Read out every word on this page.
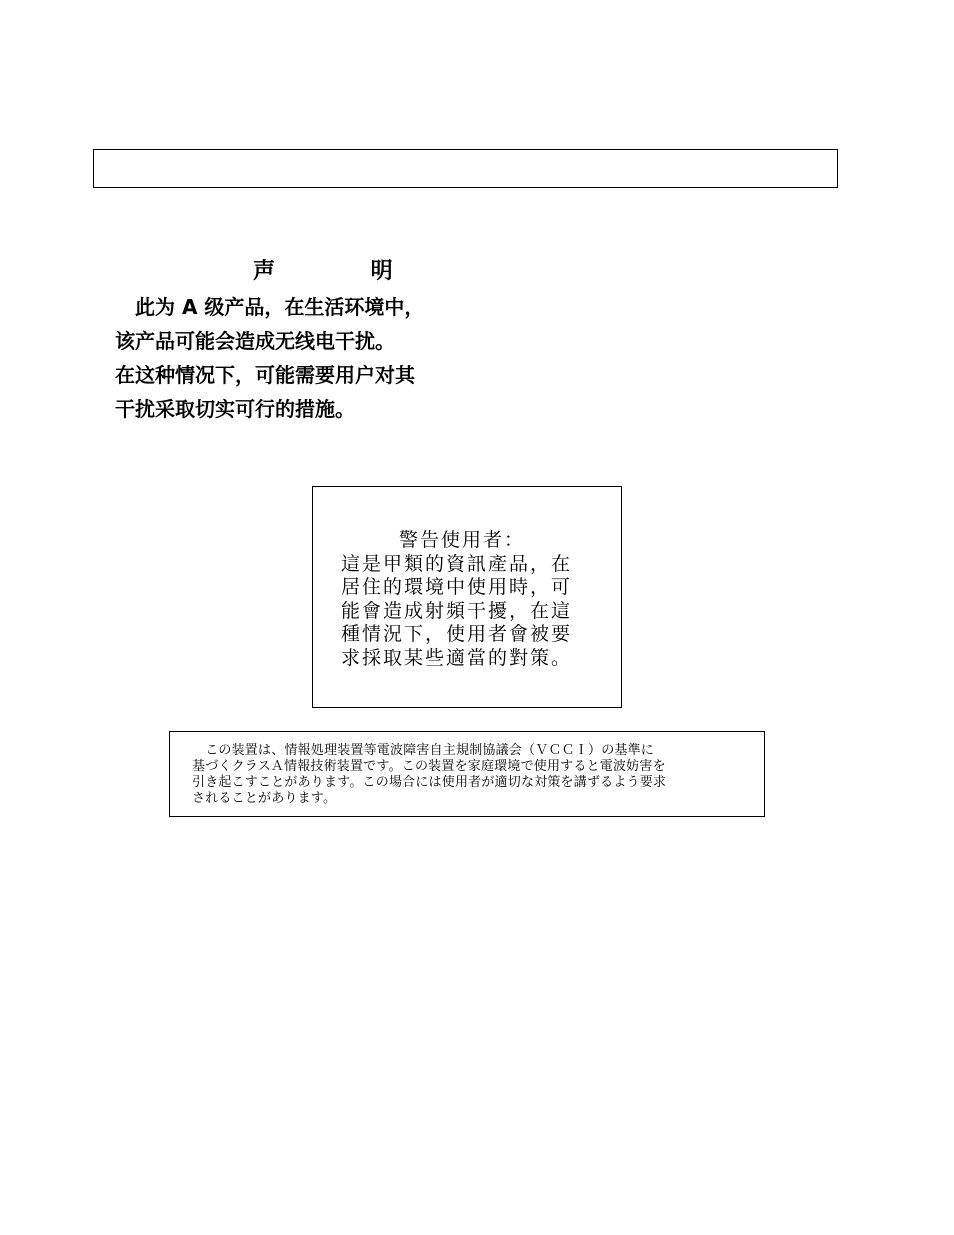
声 明
　此为 A 级产品，在生活环境中，
该产品可能会造成无线电干扰。
在这种情况下，可能需要用户对其
干扰采取切实可行的措施。
警告使用者：
這是甲類的資訊產品，在
居住的環境中使用時，可
能會造成射頻干擾，在這
種情況下，使用者會被要
求採取某些適當的對策。
　この装置は、情報処理装置等電波障害自主規制協議会（ＶＣＣＩ）の基準に
基づくクラスＡ情報技術装置です。この装置を家庭環境で使用すると電波妨害を
引き起こすことがあります。この場合には使用者が適切な対策を講ずるよう要求
されることがあります。
